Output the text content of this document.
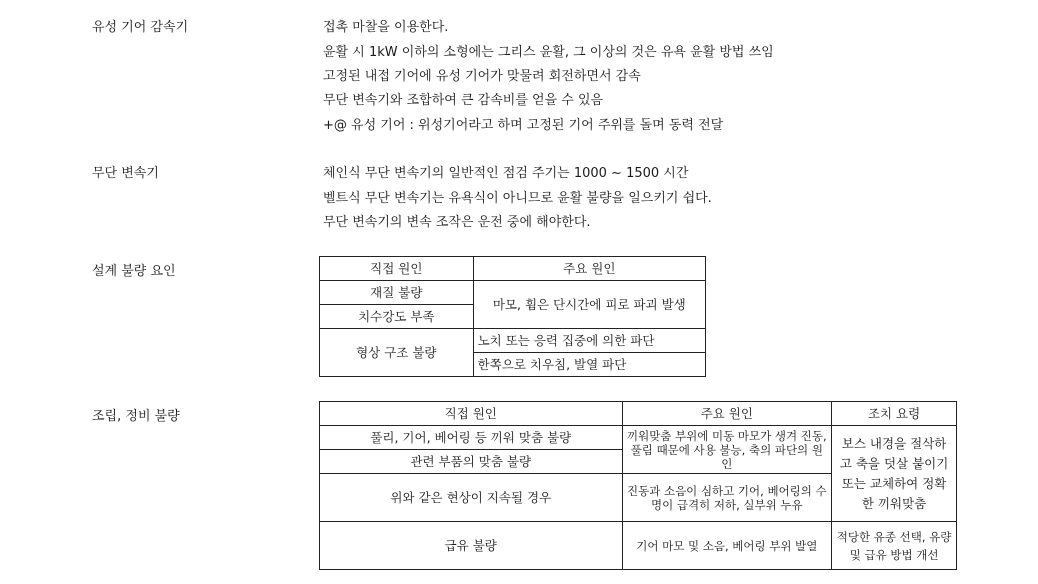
유성 기어 감속기	접촉 마찰을 이용한다.
윤활 시 1kW 이하의 소형에는 그리스 윤활, 그 이상의 것은 유욕 윤활 방법 쓰임
고정된 내접 기어에 유성 기어가 맞물려 회전하면서 감속
무단 변속기와 조합하여 큰 감속비를 얻을 수 있음
+@ 유성 기어 : 위성기어라고 하며 고정된 기어 주위를 돌며 동력 전달
무단 변속기	체인식 무단 변속기의 일반적인 점검 주기는 1000 ~ 1500 시간
벨트식 무단 변속기는 유욕식이 아니므로 윤활 불량을 일으키기 쉽다.
무단 변속기의 변속 조작은 운전 중에 해야한다.
설계 불량 요인	직접 원인	주요 원인
재질 불량	마모, 휨은 단시간에 피로 파괴 발생
치수강도 부족	
형상 구조 불량	노치 또는 응력 집중에 의한 파단
	한쪽으로 치우침, 발열 파단
조립, 정비 불량	직접 원인	주요 원인	조치 요령
풀리, 기어, 베어링 등 끼워 맞춤 불량	끼워맞춤 부위에 미동 마모가 생겨 진동, 풀림 때문에 사용 불능, 축의 파단의 원인	보스 내경을 절삭하고 축을 덧살 붙이기 또는 교체하여 정확한 끼워맞춤
관련 부품의 맞춤 불량		
위와 같은 현상이 지속될 경우	진동과 소음이 심하고 기어, 베어링의 수명이 급격히 저하, 실부위 누유	
급유 불량	기어 마모 및 소음, 베어링 부위 발열	적당한 유종 선택, 유량 및 급유 방법 개선
